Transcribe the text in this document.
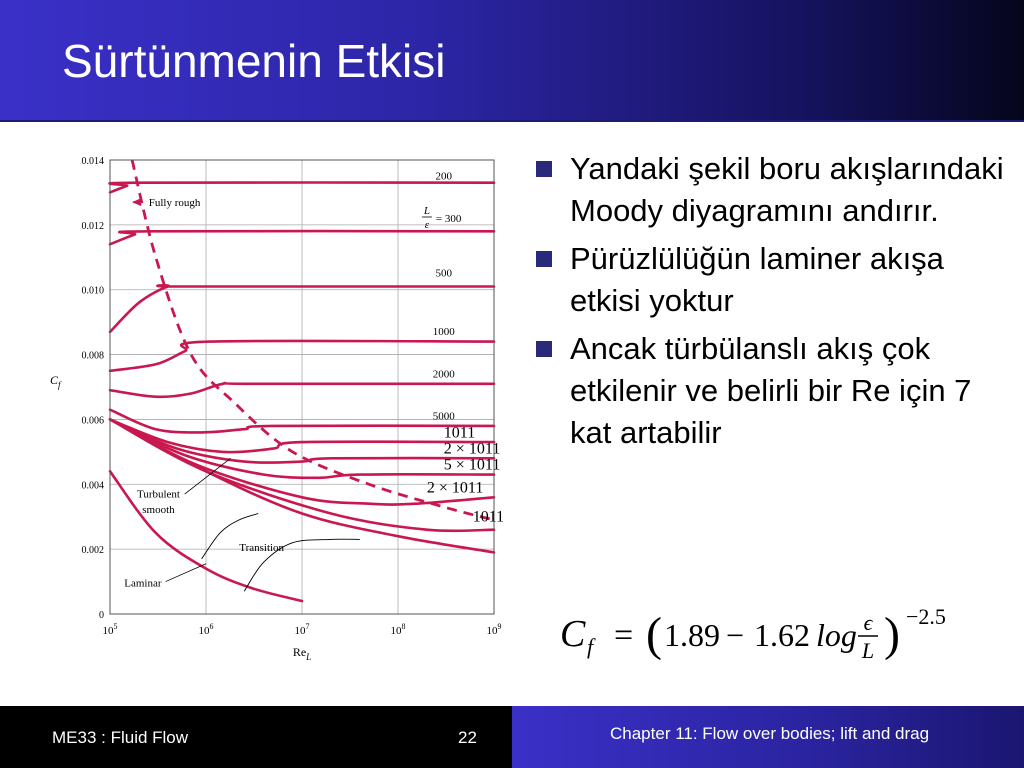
Sürtünmenin Etkisi
0
0.002
0.004
0.006
0.008
0.010
0.012
0.014
$10^5$	$10^6$	$10^7$	$10^8$	$10^9$
$C_f$
$Re_L$
200
500
1000
2000
5000
1011
2 × 1011
5 × 1011
2 × 1011
1011
L
ε = 300
Fully rough
Turbulent
smooth
Transition
Laminar
Yandaki şekil boru akışlarındaki Moody diyagramını andırır.
Pürüzlülüğün laminer akışa etkisi yoktur
Ancak türbülanslı akış çok etkilenir ve belirli bir Re için 7 kat artabilir
C f = ( 1.89 − 1.62 log ϵ
L ) −2.5
ME33 : Fluid Flow	22	Chapter 11: Flow over bodies; lift and drag
